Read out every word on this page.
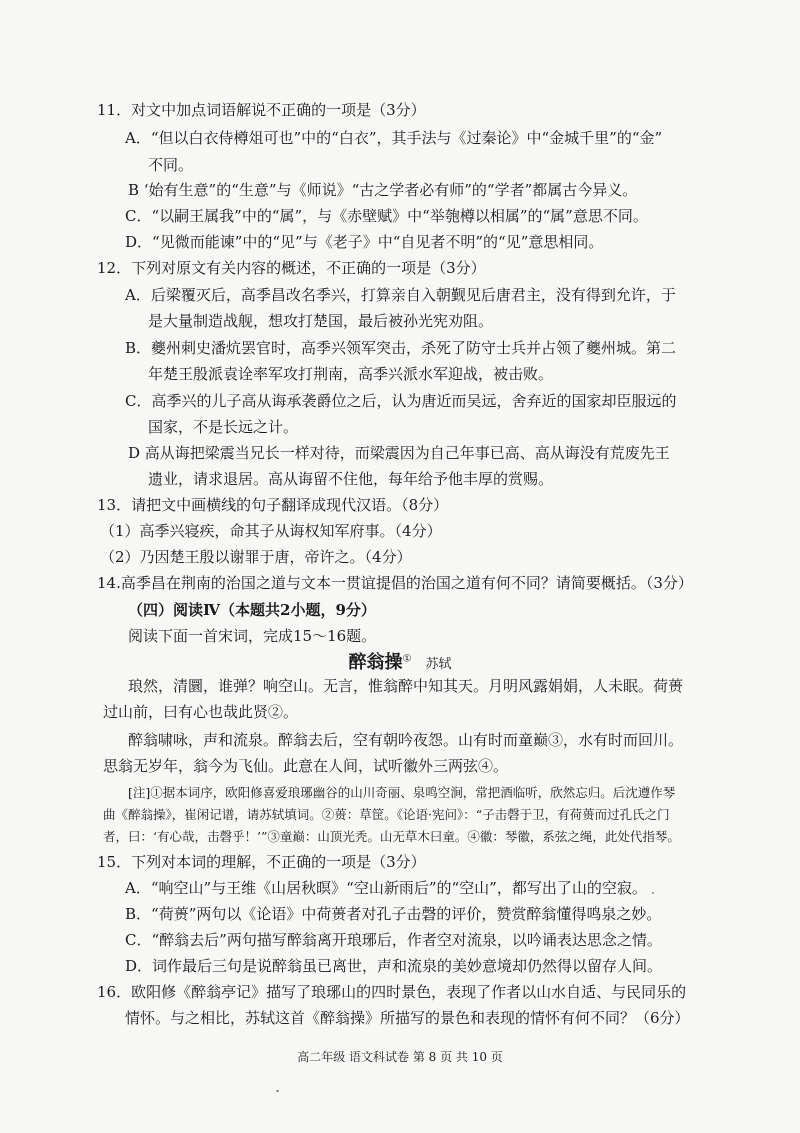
11．对文中加点词语解说不正确的一项是（3分）
A．“但以白衣侍樽俎可也”中的“白衣”，其手法与《过秦论》中“金城千里”的“金”
不同。
B ‘始有生意”的“生意”与《师说》“古之学者必有师”的“学者”都属古今异义。
C．“以嗣王属我”中的“属”，与《赤壁赋》中“举匏樽以相属”的“属”意思不同。
D．“见微而能谏”中的“见”与《老子》中“自见者不明”的“见”意思相同。
12．下列对原文有关内容的概述，不正确的一项是（3分）
A．后梁覆灭后，高季昌改名季兴，打算亲自入朝觐见后唐君主，没有得到允许，于
是大量制造战舰，想攻打楚国，最后被孙光宪劝阻。
B．夔州刺史潘炕罢官时，高季兴领军突击，杀死了防守士兵并占领了夔州城。第二
年楚王殷派袁诠率军攻打荆南，高季兴派水军迎战，被击败。
C．高季兴的儿子高从诲承袭爵位之后，认为唐近而吴远，舍弃近的国家却臣服远的
国家，不是长远之计。
D 高从诲把梁震当兄长一样对待，而梁震因为自己年事已高、高从诲没有荒废先王
遗业，请求退居。高从诲留不住他，每年给予他丰厚的赏赐。
13．请把文中画横线的句子翻译成现代汉语。（8分）
（1）高季兴寝疾，命其子从诲权知军府事。（4分）
（2）乃因楚王殷以谢罪于唐，帝许之。（4分）
14.高季昌在荆南的治国之道与文本一贯谊提倡的治国之道有何不同？请简要概括。（3分）
（四）阅读Ⅳ（本题共2小题，9分）
阅读下面一首宋词，完成15～16题。
醉翁操① 苏轼
琅然，清圜，谁弹？响空山。无言，惟翁醉中知其天。月明风露娟娟，人未眠。荷蒉
过山前，曰有心也哉此贤②。
醉翁啸咏，声和流泉。醉翁去后，空有朝吟夜怨。山有时而童巅③，水有时而回川。
思翁无岁年，翁今为飞仙。此意在人间，试听徽外三两弦④。
[注]①据本词序，欧阳修喜爱琅琊幽谷的山川奇丽、泉鸣空涧，常把酒临听，欣然忘归。后沈遵作琴
曲《醉翁操》，崔闲记谱，请苏轼填词。②蒉：草筐。《论语·宪问》：“子击磬于卫，有荷蒉而过孔氏之门
者，曰：‘有心哉，击磬乎！’”③童巅：山顶光秃。山无草木曰童。④徽：琴徽，系弦之绳，此处代指琴。
15．下列对本词的理解，不正确的一项是（3分）
A．“响空山”与王维《山居秋暝》“空山新雨后”的“空山”，都写出了山的空寂。
B．“荷蒉”两句以《论语》中荷蒉者对孔子击磬的评价，赞赏醉翁懂得鸣泉之妙。
C．“醉翁去后”两句描写醉翁离开琅琊后，作者空对流泉，以吟诵表达思念之情。
D．词作最后三句是说醉翁虽已离世，声和流泉的美妙意境却仍然得以留存人间。
16．欧阳修《醉翁亭记》描写了琅琊山的四时景色，表现了作者以山水自适、与民同乐的
情怀。与之相比，苏轼这首《醉翁操》所描写的景色和表现的情怀有何不同？（6分）
高二年级 语文科试卷 第 8 页 共 10 页
